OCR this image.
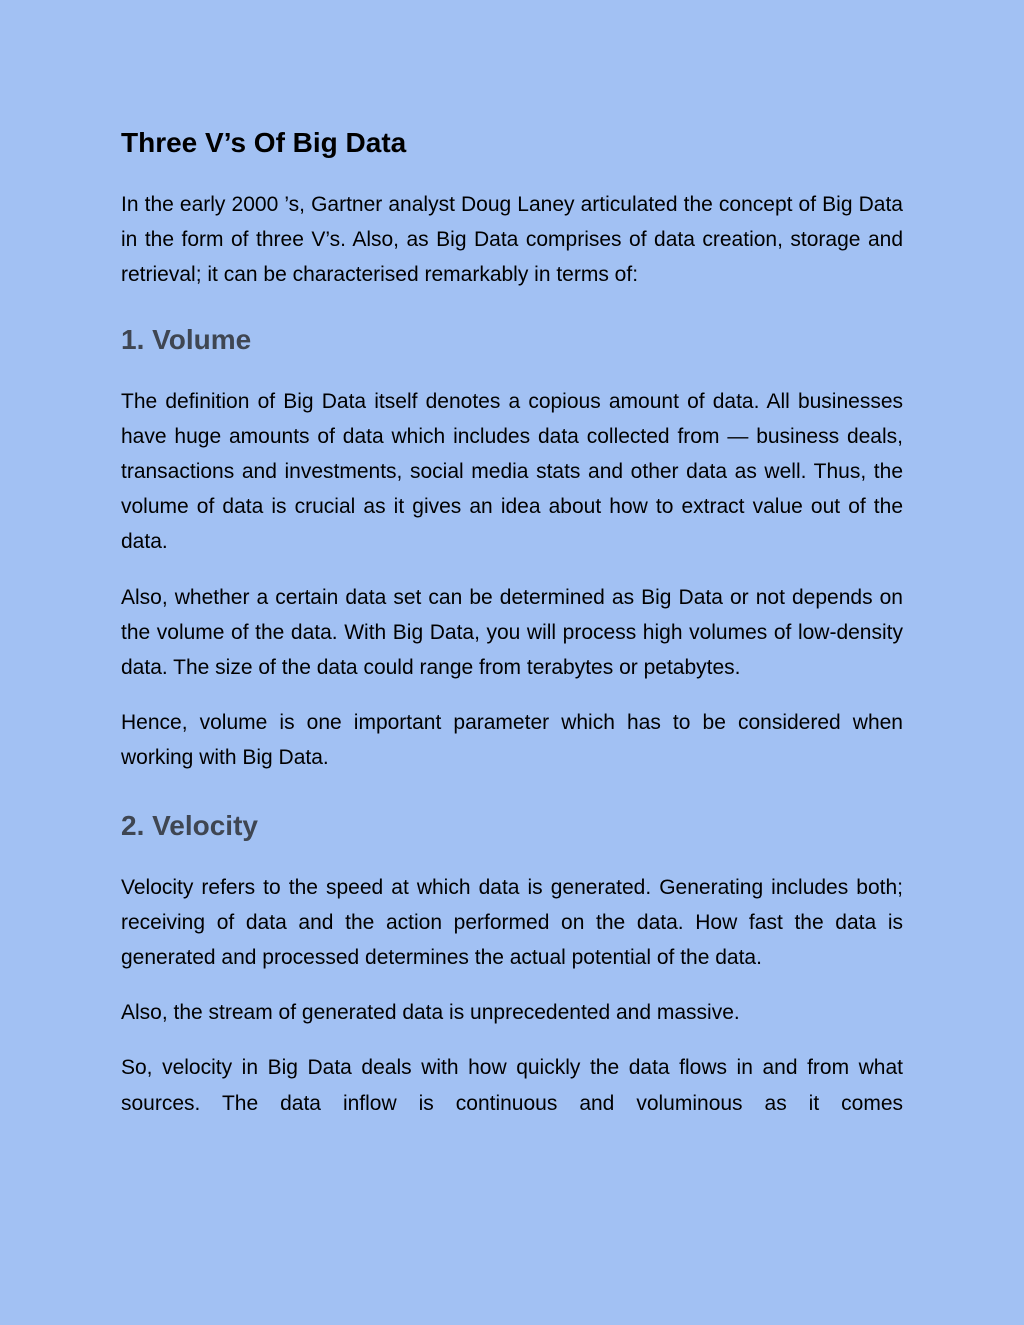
Three V’s Of Big Data

In the early 2000 ’s, Gartner analyst Doug Laney articulated the concept of Big Data in the form of three V’s. Also, as Big Data comprises of data creation, storage and retrieval; it can be characterised remarkably in terms of:

1. Volume

The definition of Big Data itself denotes a copious amount of data. All businesses have huge amounts of data which includes data collected from — business deals, transactions and investments, social media stats and other data as well. Thus, the volume of data is crucial as it gives an idea about how to extract value out of the data.

Also, whether a certain data set can be determined as Big Data or not depends on the volume of the data. With Big Data, you will process high volumes of low-density data. The size of the data could range from terabytes or petabytes.

Hence, volume is one important parameter which has to be considered when working with Big Data.

2. Velocity

Velocity refers to the speed at which data is generated. Generating includes both; receiving of data and the action performed on the data. How fast the data is generated and processed determines the actual potential of the data.

Also, the stream of generated data is unprecedented and massive.

So, velocity in Big Data deals with how quickly the data flows in and from what sources. The data inflow is continuous and voluminous as it comes
